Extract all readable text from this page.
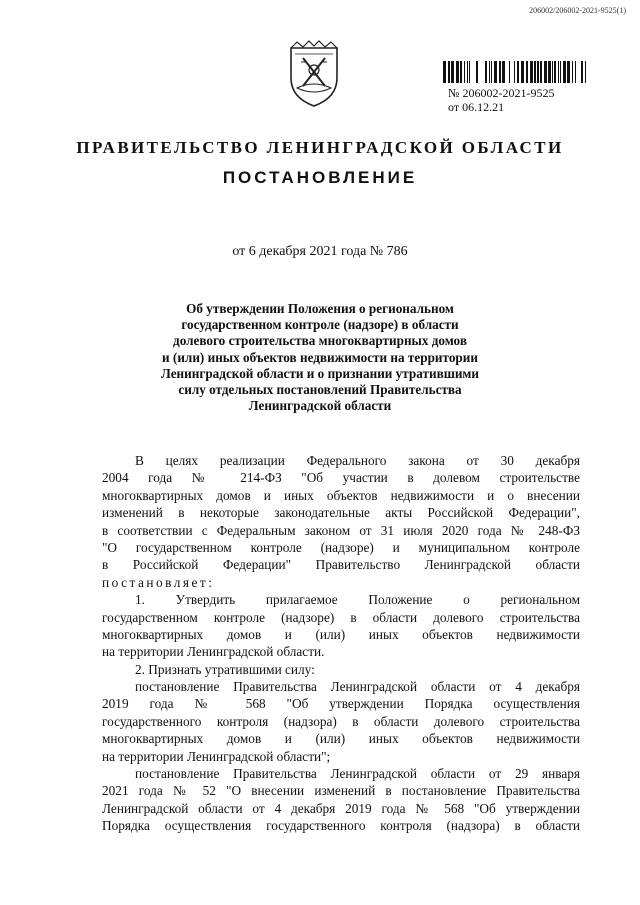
206002/206002-2021-9525(1)
№ 206002-2021-9525
от 06.12.21
ПРАВИТЕЛЬСТВО ЛЕНИНГРАДСКОЙ ОБЛАСТИ
ПОСТАНОВЛЕНИЕ
от 6 декабря 2021 года № 786
Об утверждении Положения о региональном
государственном контроле (надзоре) в области
долевого строительства многоквартирных домов
и (или) иных объектов недвижимости на территории
Ленинградской области и о признании утратившими
силу отдельных постановлений Правительства
Ленинградской области
В целях реализации Федерального закона от 30 декабря
2004 года № 214-ФЗ "Об участии в долевом строительстве
многоквартирных домов и иных объектов недвижимости и о внесении
изменений в некоторые законодательные акты Российской Федерации",
в соответствии с Федеральным законом от 31 июля 2020 года № 248-ФЗ
"О государственном контроле (надзоре) и муниципальном контроле
в Российской Федерации" Правительство Ленинградской области
постановляет:
1. Утвердить прилагаемое Положение о региональном
государственном контроле (надзоре) в области долевого строительства
многоквартирных домов и (или) иных объектов недвижимости
на территории Ленинградской области.
2. Признать утратившими силу:
постановление Правительства Ленинградской области от 4 декабря
2019 года № 568 "Об утверждении Порядка осуществления
государственного контроля (надзора) в области долевого строительства
многоквартирных домов и (или) иных объектов недвижимости
на территории Ленинградской области";
постановление Правительства Ленинградской области от 29 января
2021 года № 52 "О внесении изменений в постановление Правительства
Ленинградской области от 4 декабря 2019 года № 568 "Об утверждении
Порядка осуществления государственного контроля (надзора) в области
